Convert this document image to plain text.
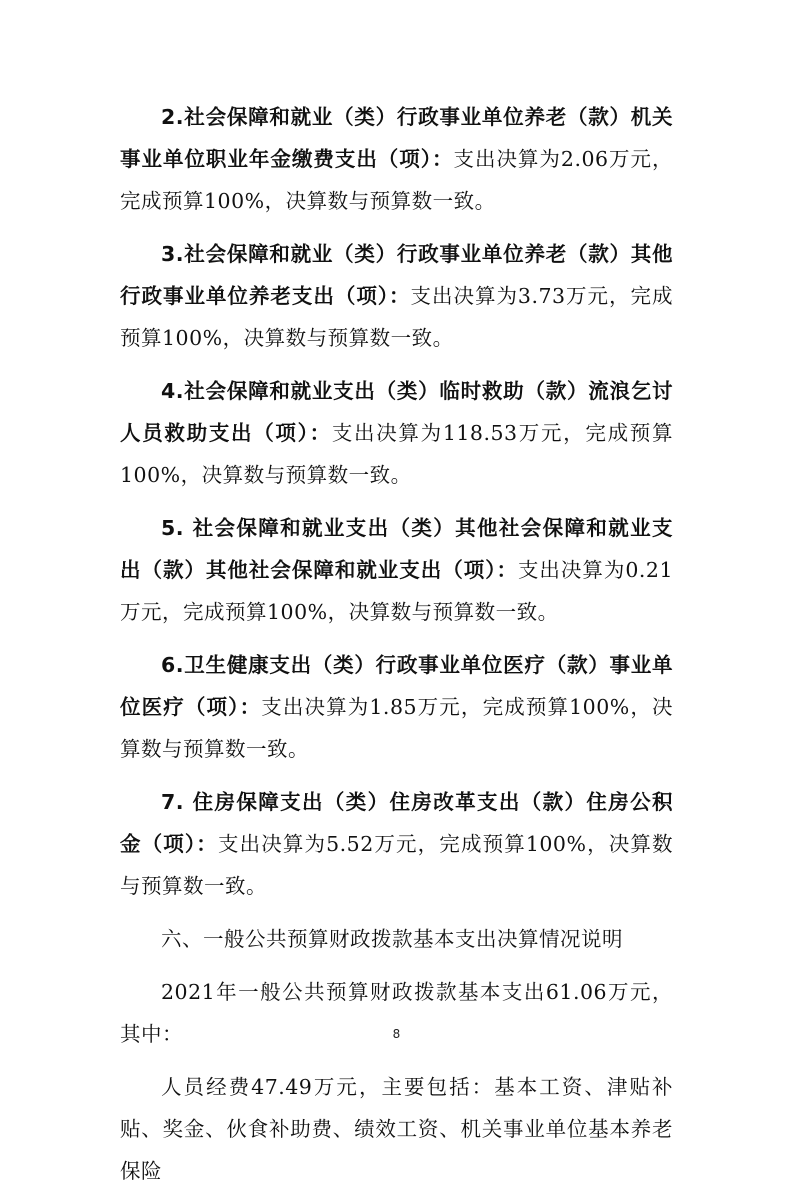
2.社会保障和就业（类）行政事业单位养老（款）机关事业单位职业年金缴费支出（项）：支出决算为2.06万元，完成预算100%，决算数与预算数一致。

3.社会保障和就业（类）行政事业单位养老（款）其他行政事业单位养老支出（项）：支出决算为3.73万元，完成预算100%，决算数与预算数一致。

4.社会保障和就业支出（类）临时救助（款）流浪乞讨人员救助支出（项）：支出决算为118.53万元，完成预算100%，决算数与预算数一致。

5. 社会保障和就业支出（类）其他社会保障和就业支出（款）其他社会保障和就业支出（项）：支出决算为0.21万元，完成预算100%，决算数与预算数一致。

6.卫生健康支出（类）行政事业单位医疗（款）事业单位医疗（项）：支出决算为1.85万元，完成预算100%，决算数与预算数一致。

7. 住房保障支出（类）住房改革支出（款）住房公积金（项）：支出决算为5.52万元，完成预算100%，决算数与预算数一致。

六、一般公共预算财政拨款基本支出决算情况说明

2021年一般公共预算财政拨款基本支出61.06万元，其中：

人员经费47.49万元，主要包括：基本工资、津贴补贴、奖金、伙食补助费、绩效工资、机关事业单位基本养老保险

8
